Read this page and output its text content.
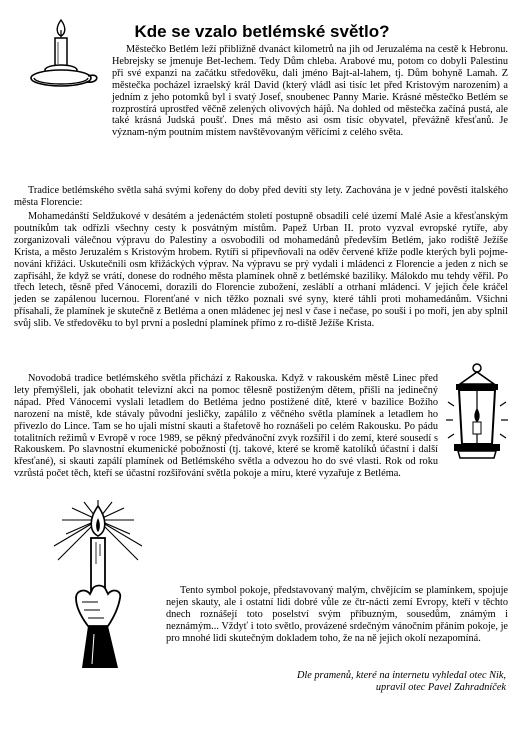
Kde se vzalo betlémské světlo?

Městečko Betlém leží přibližně dvanáct kilometrů na jih od Jeruzaléma na cestě k Hebronu. Hebrejsky se jmenuje Bet-lechem. Tedy Dům chleba. Arabové mu, potom co dobyli Palestinu při své expanzi na začátku středověku, dali jméno Bajt-al-lahem, tj. Dům bohyně Lamah. Z městečka pocházel izraelský král David (který vládl asi tisíc let před Kristovým narozením) a jedním z jeho potomků byl i svatý Josef, snoubenec Panny Marie. Krásné městečko Betlém se rozprostírá uprostřed věčně zelených olivových hájů. Na dohled od městečka začíná pustá, ale také krásná Judská poušť. Dnes má město asi osm tisíc obyvatel, převážně křesťanů. Je význam-ným poutním místem navštěvovaným věřícími z celého světa.

Tradice betlémského světla sahá svými kořeny do doby před devíti sty lety. Zachována je v jedné pověsti italského města Florencie:

Mohamedánští Seldžukové v desátém a jedenáctém století postupně obsadili celé území Malé Asie a křesťanským poutníkům tak odřízli všechny cesty k posvátným místům. Papež Urban II. proto vyzval evropské rytíře, aby zorganizovali válečnou výpravu do Palestiny a osvobodili od mohamedánů především Betlém, jako rodiště Ježíše Krista, a město Jeruzalém s Kristovým hrobem. Rytíři si připevňovali na oděv červené kříže podle kterých byli pojme-nováni křižáci. Uskutečnili osm křižáckých výprav. Na výpravu se prý vydali i mládenci z Florencie a jeden z nich se zapřisáhl, že když se vrátí, donese do rodného města plamínek ohně z betlémské baziliky. Málokdo mu tehdy věřil. Po třech letech, těsně před Vánocemi, dorazili do Florencie zubožení, zesláblí a otrhaní mládenci. V jejich čele kráčel jeden se zapálenou lucernou. Florenťané v nich těžko poznali své syny, které táhli proti mohamedánům. Všichni přísahali, že plamínek je skutečně z Betléma a onen mládenec jej nesl v čase i nečase, po souši i po moři, jen aby splnil svůj slib. Ve středověku to byl první a poslední plamínek přímo z ro-diště Ježíše Krista.

Novodobá tradice betlémského světla přichází z Rakouska. Když v rakouském městě Linec před lety přemýšleli, jak obohatit televizní akci na pomoc tělesně postiženým dětem, přišli na jedinečný nápad. Před Vánocemi vyslali letadlem do Betléma jedno postižené dítě, které v bazilice Božího narození na místě, kde stávaly původní jesličky, zapálilo z věčného světla plamínek a letadlem ho přivezlo do Lince. Tam se ho ujali místní skauti a štafetově ho roznášeli po celém Rakousku. Po pádu totalitních režimů v Evropě v roce 1989, se pěkný předvánoční zvyk rozšířil i do zemí, které sousedí s Rakouskem. Po slavnostní ekumenické pobožnosti (tj. takové, které se kromě katolíků účastní i další křesťané), si skauti zapálí plamínek od Betlémského světla a odvezou ho do své vlasti. Rok od roku vzrůstá počet těch, kteří se účastní rozšiřování světla pokoje a míru, které vyzařuje z Betléma.

Tento symbol pokoje, představovaný malým, chvějícím se plamínkem, spojuje nejen skauty, ale i ostatní lidi dobré vůle ze čtr-nácti zemí Evropy, kteří v těchto dnech roznášejí toto poselství svým příbuzným, sousedům, známým i neznámým... Vždyť i toto světlo, provázené srdečným vánočním přáním pokoje, je pro mnohé lidi skutečným dokladem toho, že na ně jejich okolí nezapomíná.

Dle pramenů, které na internetu vyhledal otec Nik,
upravil otec Pavel Zahradníček
